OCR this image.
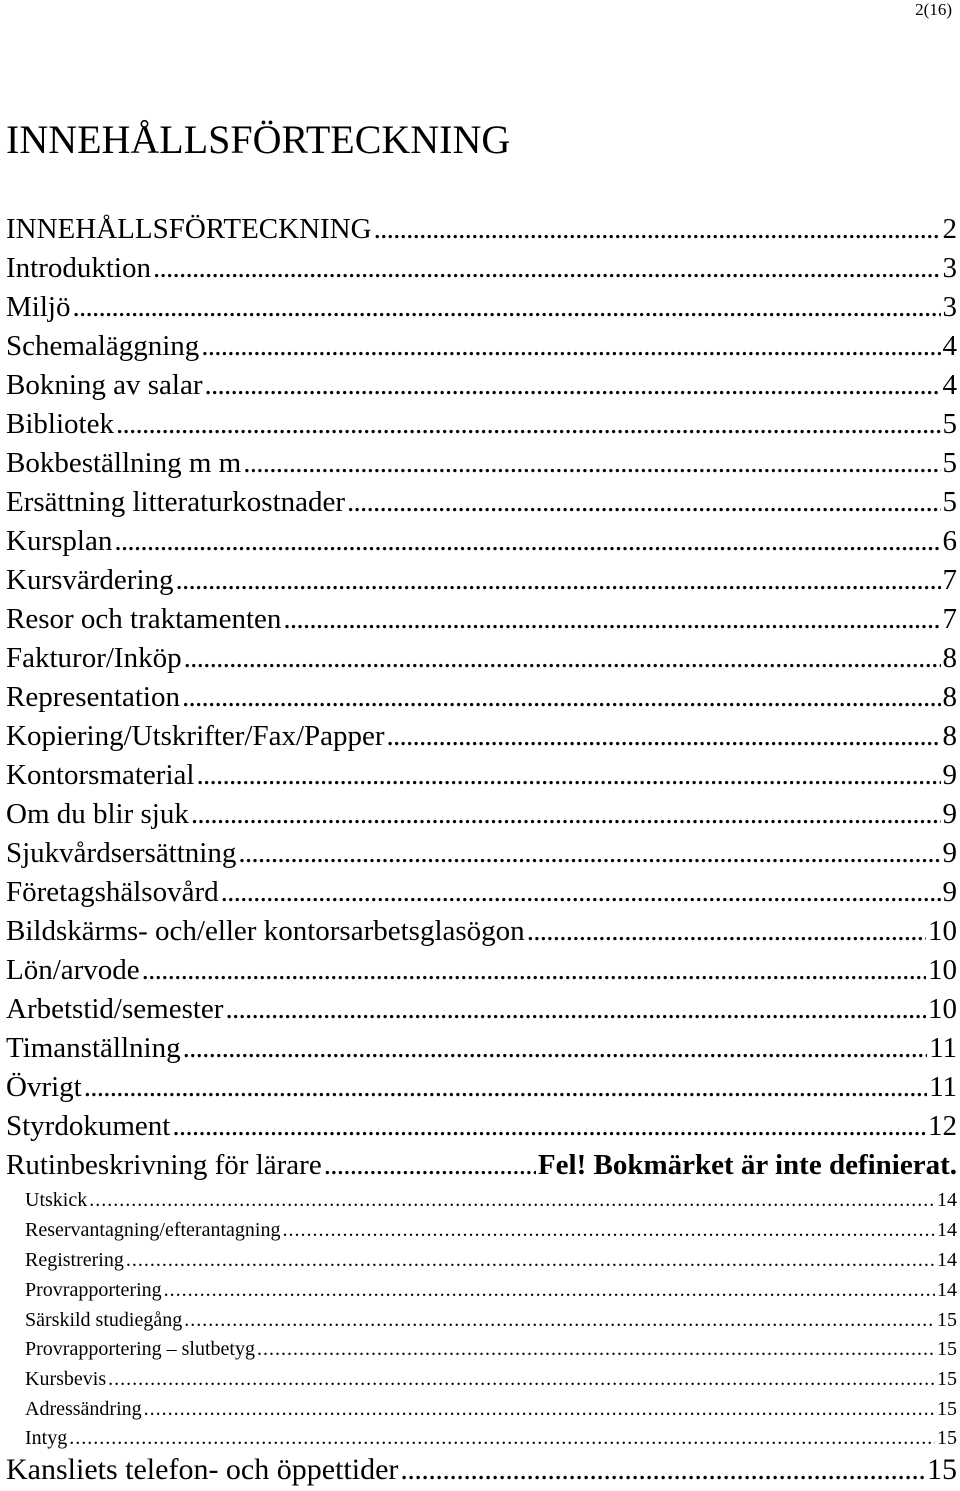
2(16)
INNEHÅLLSFÖRTECKNING
INNEHÅLLSFÖRTECKNING . . .	2
Introduktion . . .	3
Miljö . . .	3
Schemaläggning . . .	4
Bokning av salar . . .	4
Bibliotek . . .	5
Bokbeställning m m . . .	5
Ersättning litteraturkostnader . . .	5
Kursplan . . .	6
Kursvärdering . . .	7
Resor och traktamenten . . .	7
Fakturor/Inköp . . .	8
Representation . . .	8
Kopiering/Utskrifter/Fax/Papper . . .	8
Kontorsmaterial . . .	9
Om du blir sjuk . . .	9
Sjukvårdsersättning . . .	9
Företagshälsovård . . .	9
Bildskärms- och/eller kontorsarbetsglasögon . . .	10
Lön/arvode . . .	10
Arbetstid/semester . . .	10
Timanställning . . .	11
Övrigt . . .	11
Styrdokument . . .	12
Rutinbeskrivning för lärare . . .	Fel! Bokmärket är inte definierat.
Utskick . . .	14
Reservantagning/efterantagning . . .	14
Registrering . . .	14
Provrapportering . . .	14
Särskild studiegång . . .	15
Provrapportering – slutbetyg . . .	15
Kursbevis . . .	15
Adressändring . . .	15
Intyg . . .	15
Kansliets telefon- och öppettider . . .	15
